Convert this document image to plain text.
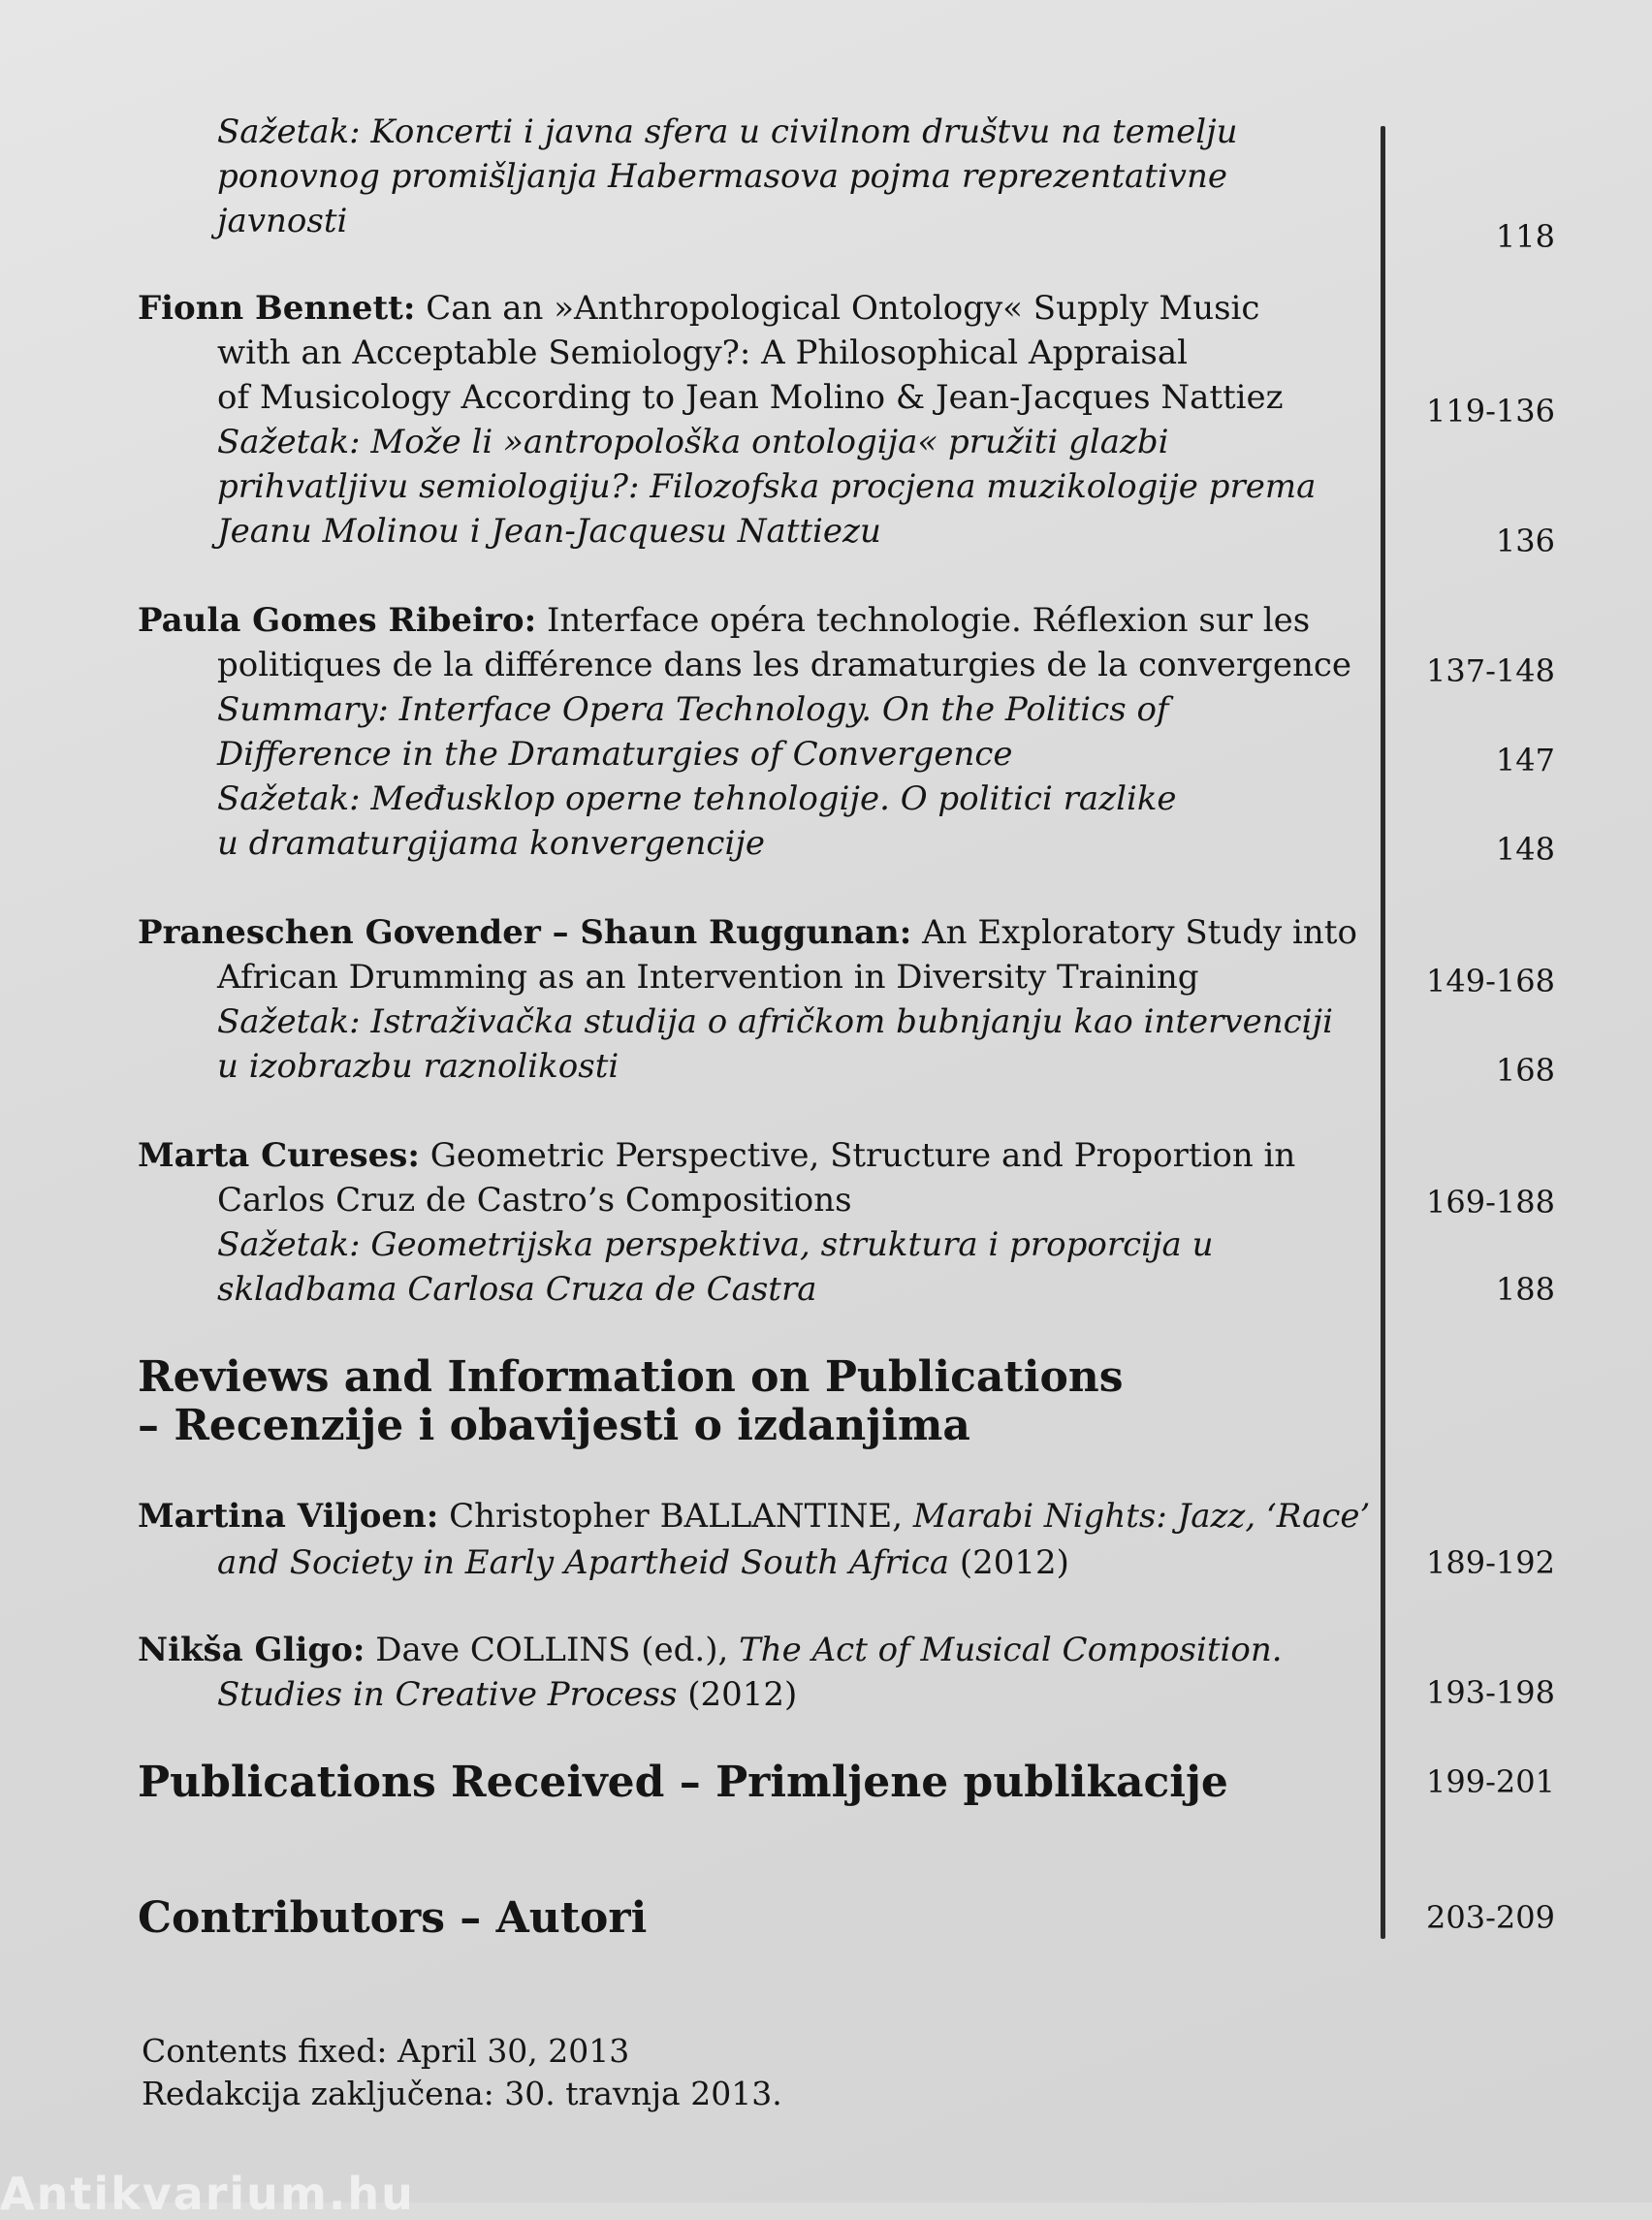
Sažetak: Koncerti i javna sfera u civilnom društvu na temelju
ponovnog promišljanja Habermasova pojma reprezentativne
javnosti	118
Fionn Bennett: Can an »Anthropological Ontology« Supply Music
with an Acceptable Semiology?: A Philosophical Appraisal
of Musicology According to Jean Molino & Jean-Jacques Nattiez	119-136
Sažetak: Može li »antropološka ontologija« pružiti glazbi
prihvatljivu semiologiju?: Filozofska procjena muzikologije prema
Jeanu Molinou i Jean-Jacquesu Nattiezu	136
Paula Gomes Ribeiro: Interface opéra technologie. Réflexion sur les
politiques de la différence dans les dramaturgies de la convergence 137-148
Summary: Interface Opera Technology. On the Politics of
Difference in the Dramaturgies of Convergence	147
Sažetak: Međusklop operne tehnologije. O politici razlike
u dramaturgijama konvergencije	148
Praneschen Govender – Shaun Ruggunan: An Exploratory Study into
African Drumming as an Intervention in Diversity Training	149-168
Sažetak: Istraživačka studija o afričkom bubnjanju kao intervenciji
u izobrazbu raznolikosti	168
Marta Cureses: Geometric Perspective, Structure and Proportion in
Carlos Cruz de Castro’s Compositions	169-188
Sažetak: Geometrijska perspektiva, struktura i proporcija u
skladbama Carlosa Cruza de Castra	188
Reviews and Information on Publications
– Recenzije i obavijesti o izdanjima
Martina Viljoen: Christopher BALLANTINE, Marabi Nights: Jazz, ‘Race’
and Society in Early Apartheid South Africa (2012)	189-192
Nikša Gligo: Dave COLLINS (ed.), The Act of Musical Composition.
Studies in Creative Process (2012)	193-198
Publications Received – Primljene publikacije	199-201
Contributors – Autori	203-209
Contents fixed: April 30, 2013
Redakcija zaključena: 30. travnja 2013.
Antikvarium.hu
